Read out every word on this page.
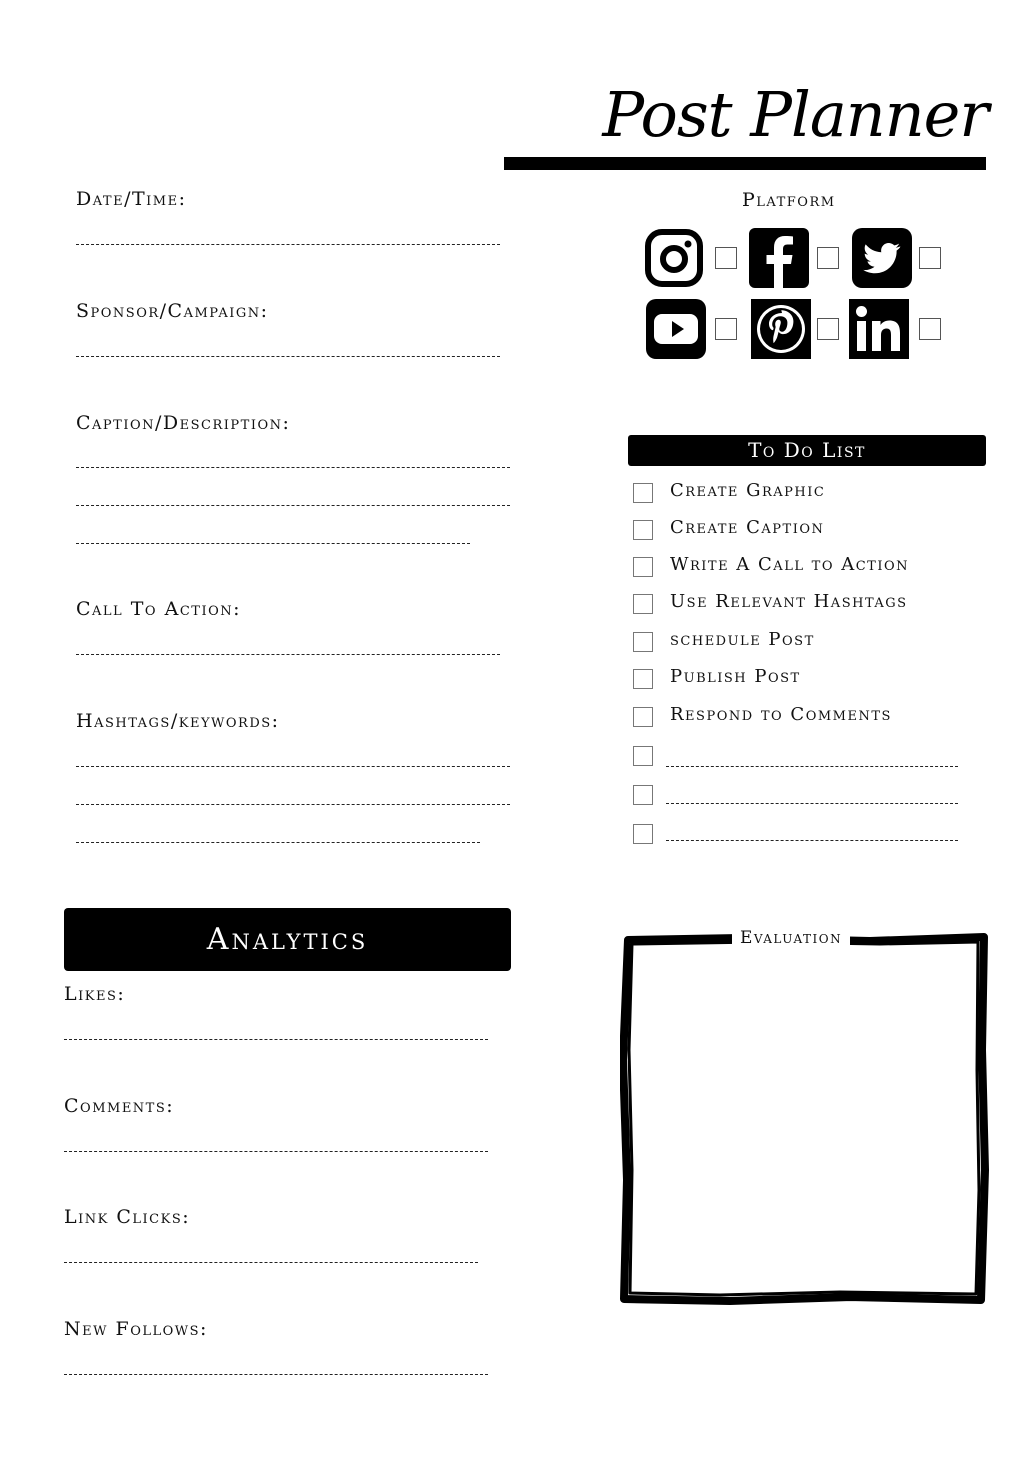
Post Planner
Date/Time:
Sponsor/Campaign:
Caption/Description:
Call To Action:
Hashtags/keywords:
Platform
To Do List
Create Graphic
Create Caption
Write A Call to Action
Use Relevant Hashtags
schedule Post
Publish Post
Respond to Comments
Analytics
Likes:
Comments:
Link Clicks:
New Follows:
Evaluation
